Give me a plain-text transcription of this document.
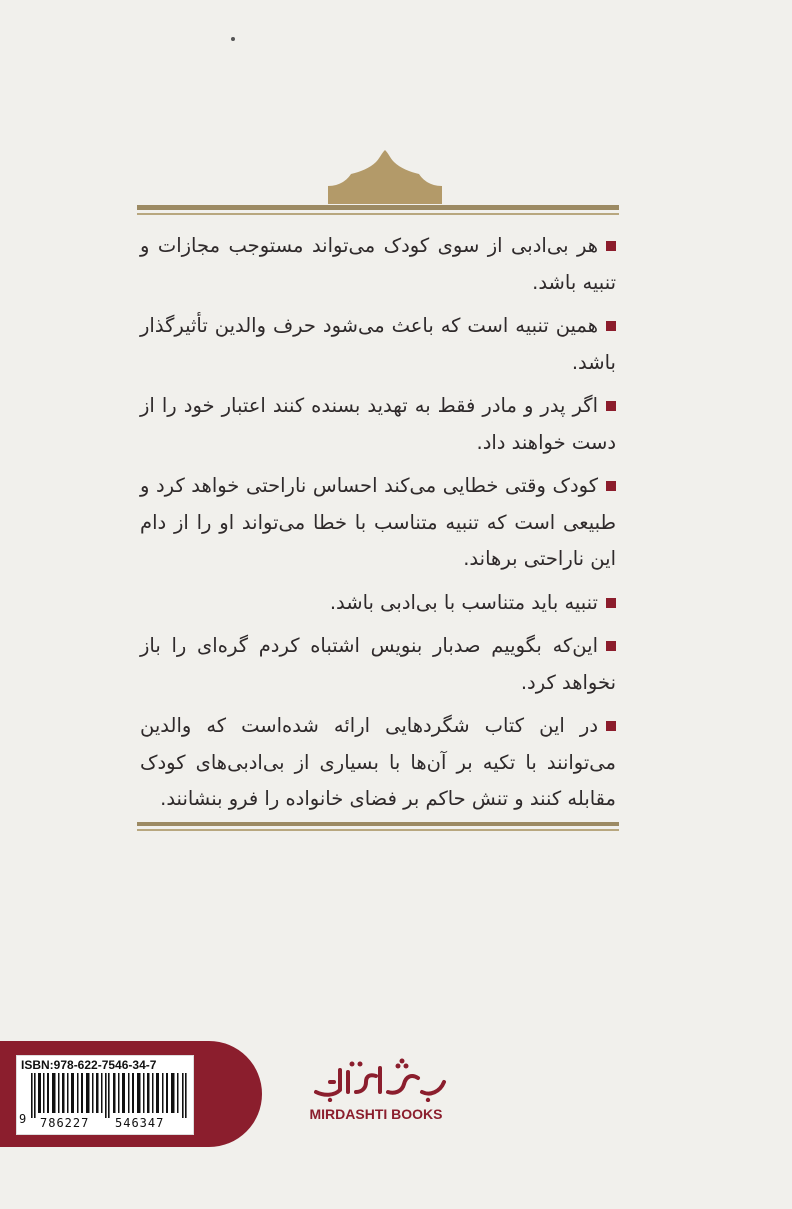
هر بی‌ادبی از سوی کودک می‌تواند مستوجب مجازات و تنبیه باشد.

همین تنبیه است که باعث می‌شود حرف والدین تأثیرگذار باشد.

اگر پدر و مادر فقط به تهدید بسنده کنند اعتبار خود را از دست خواهند داد.

کودک وقتی خطایی می‌کند احساس ناراحتی خواهد کرد و طبیعی است که تنبیه متناسب با خطا می‌تواند او را از دام این ناراحتی برهاند.

تنبیه باید متناسب با بی‌ادبی باشد.

این‌که بگوییم صدبار بنویس اشتباه کردم گره‌ای را باز نخواهد کرد.

در این کتاب شگردهایی ارائه شده‌است که والدین می‌توانند با تکیه بر آن‌ها با بسیاری از بی‌ادبی‌های کودک مقابله کنند و تنش حاکم بر فضای خانواده را فرو بنشانند.

ISBN:978-622-7546-34-7
9 786227 546347
MIRDASHTI BOOKS
